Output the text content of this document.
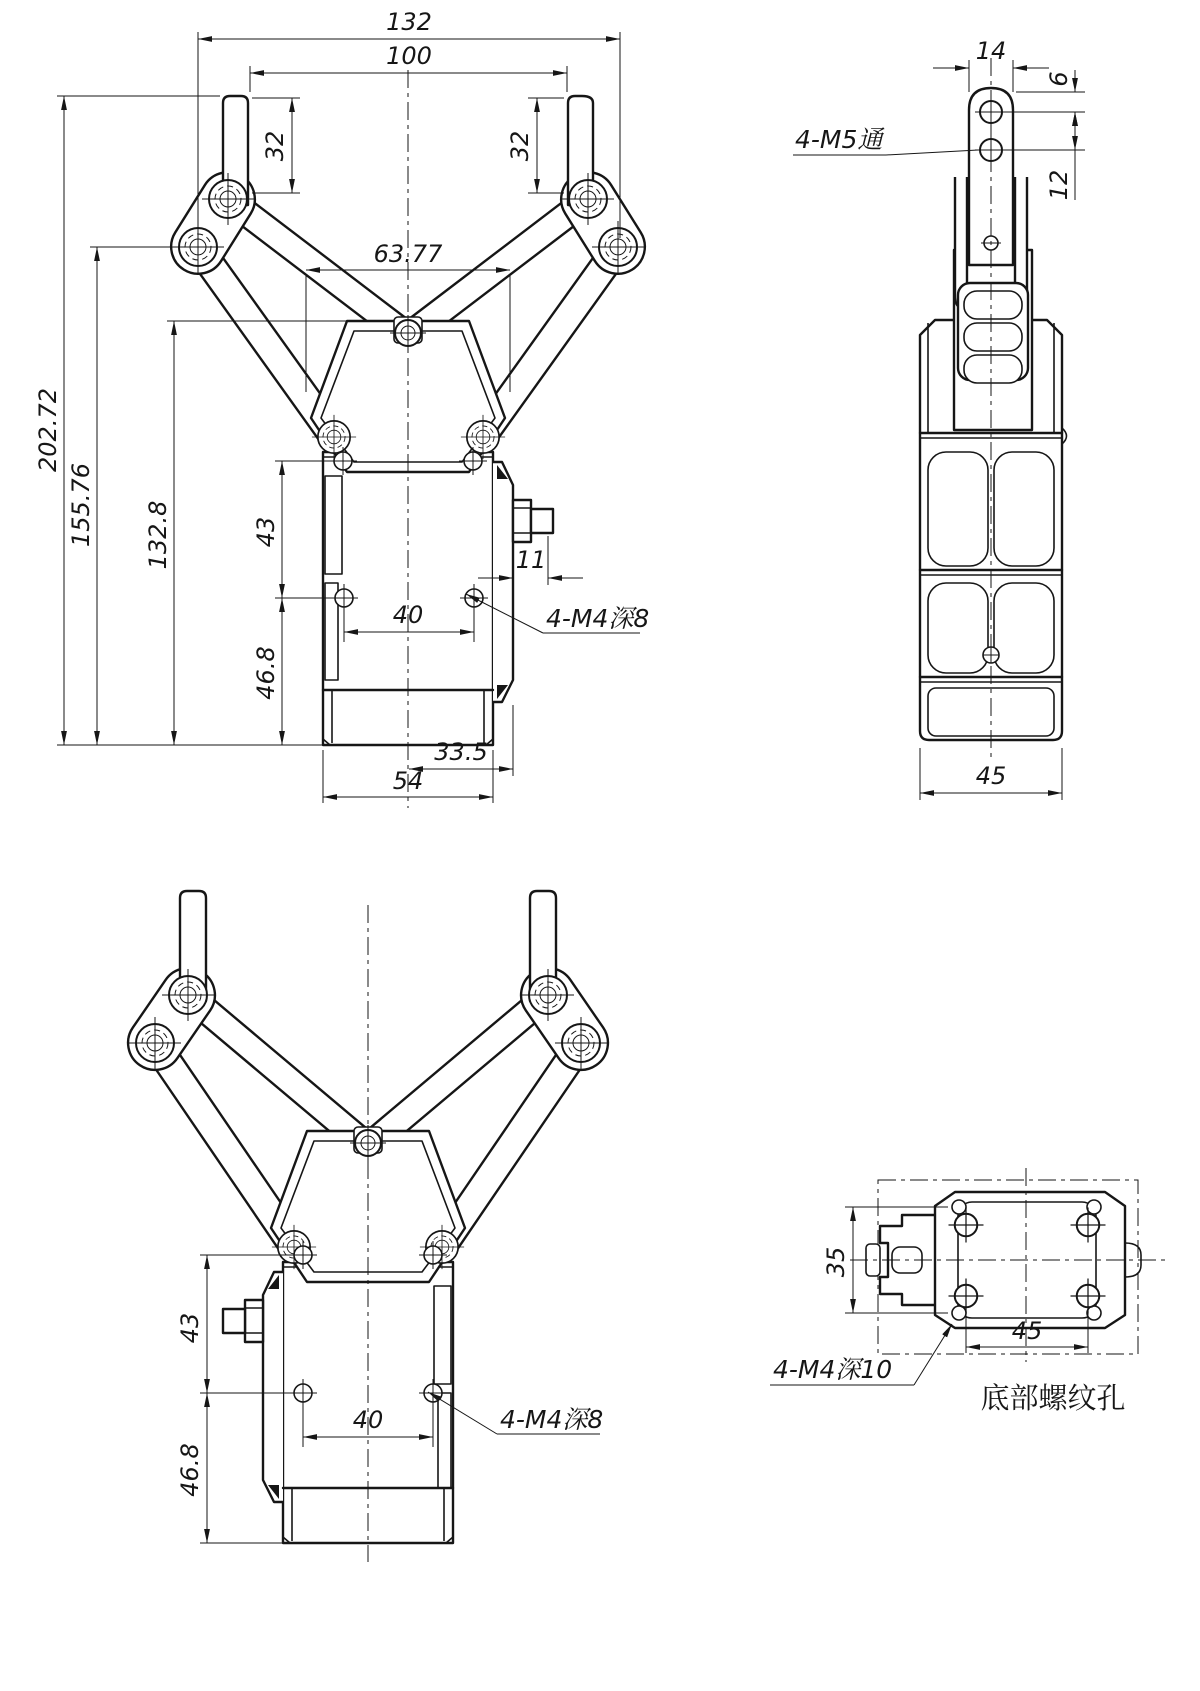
132
100
32	32
63.77
202.72
155.76 132.8	43
46.8
40
11
33.5
54
4-M4深8
14
6
12
4-M5通
45
43
46.8
40	4-M4深8
35
45
4-M4深10
底部螺纹孔
